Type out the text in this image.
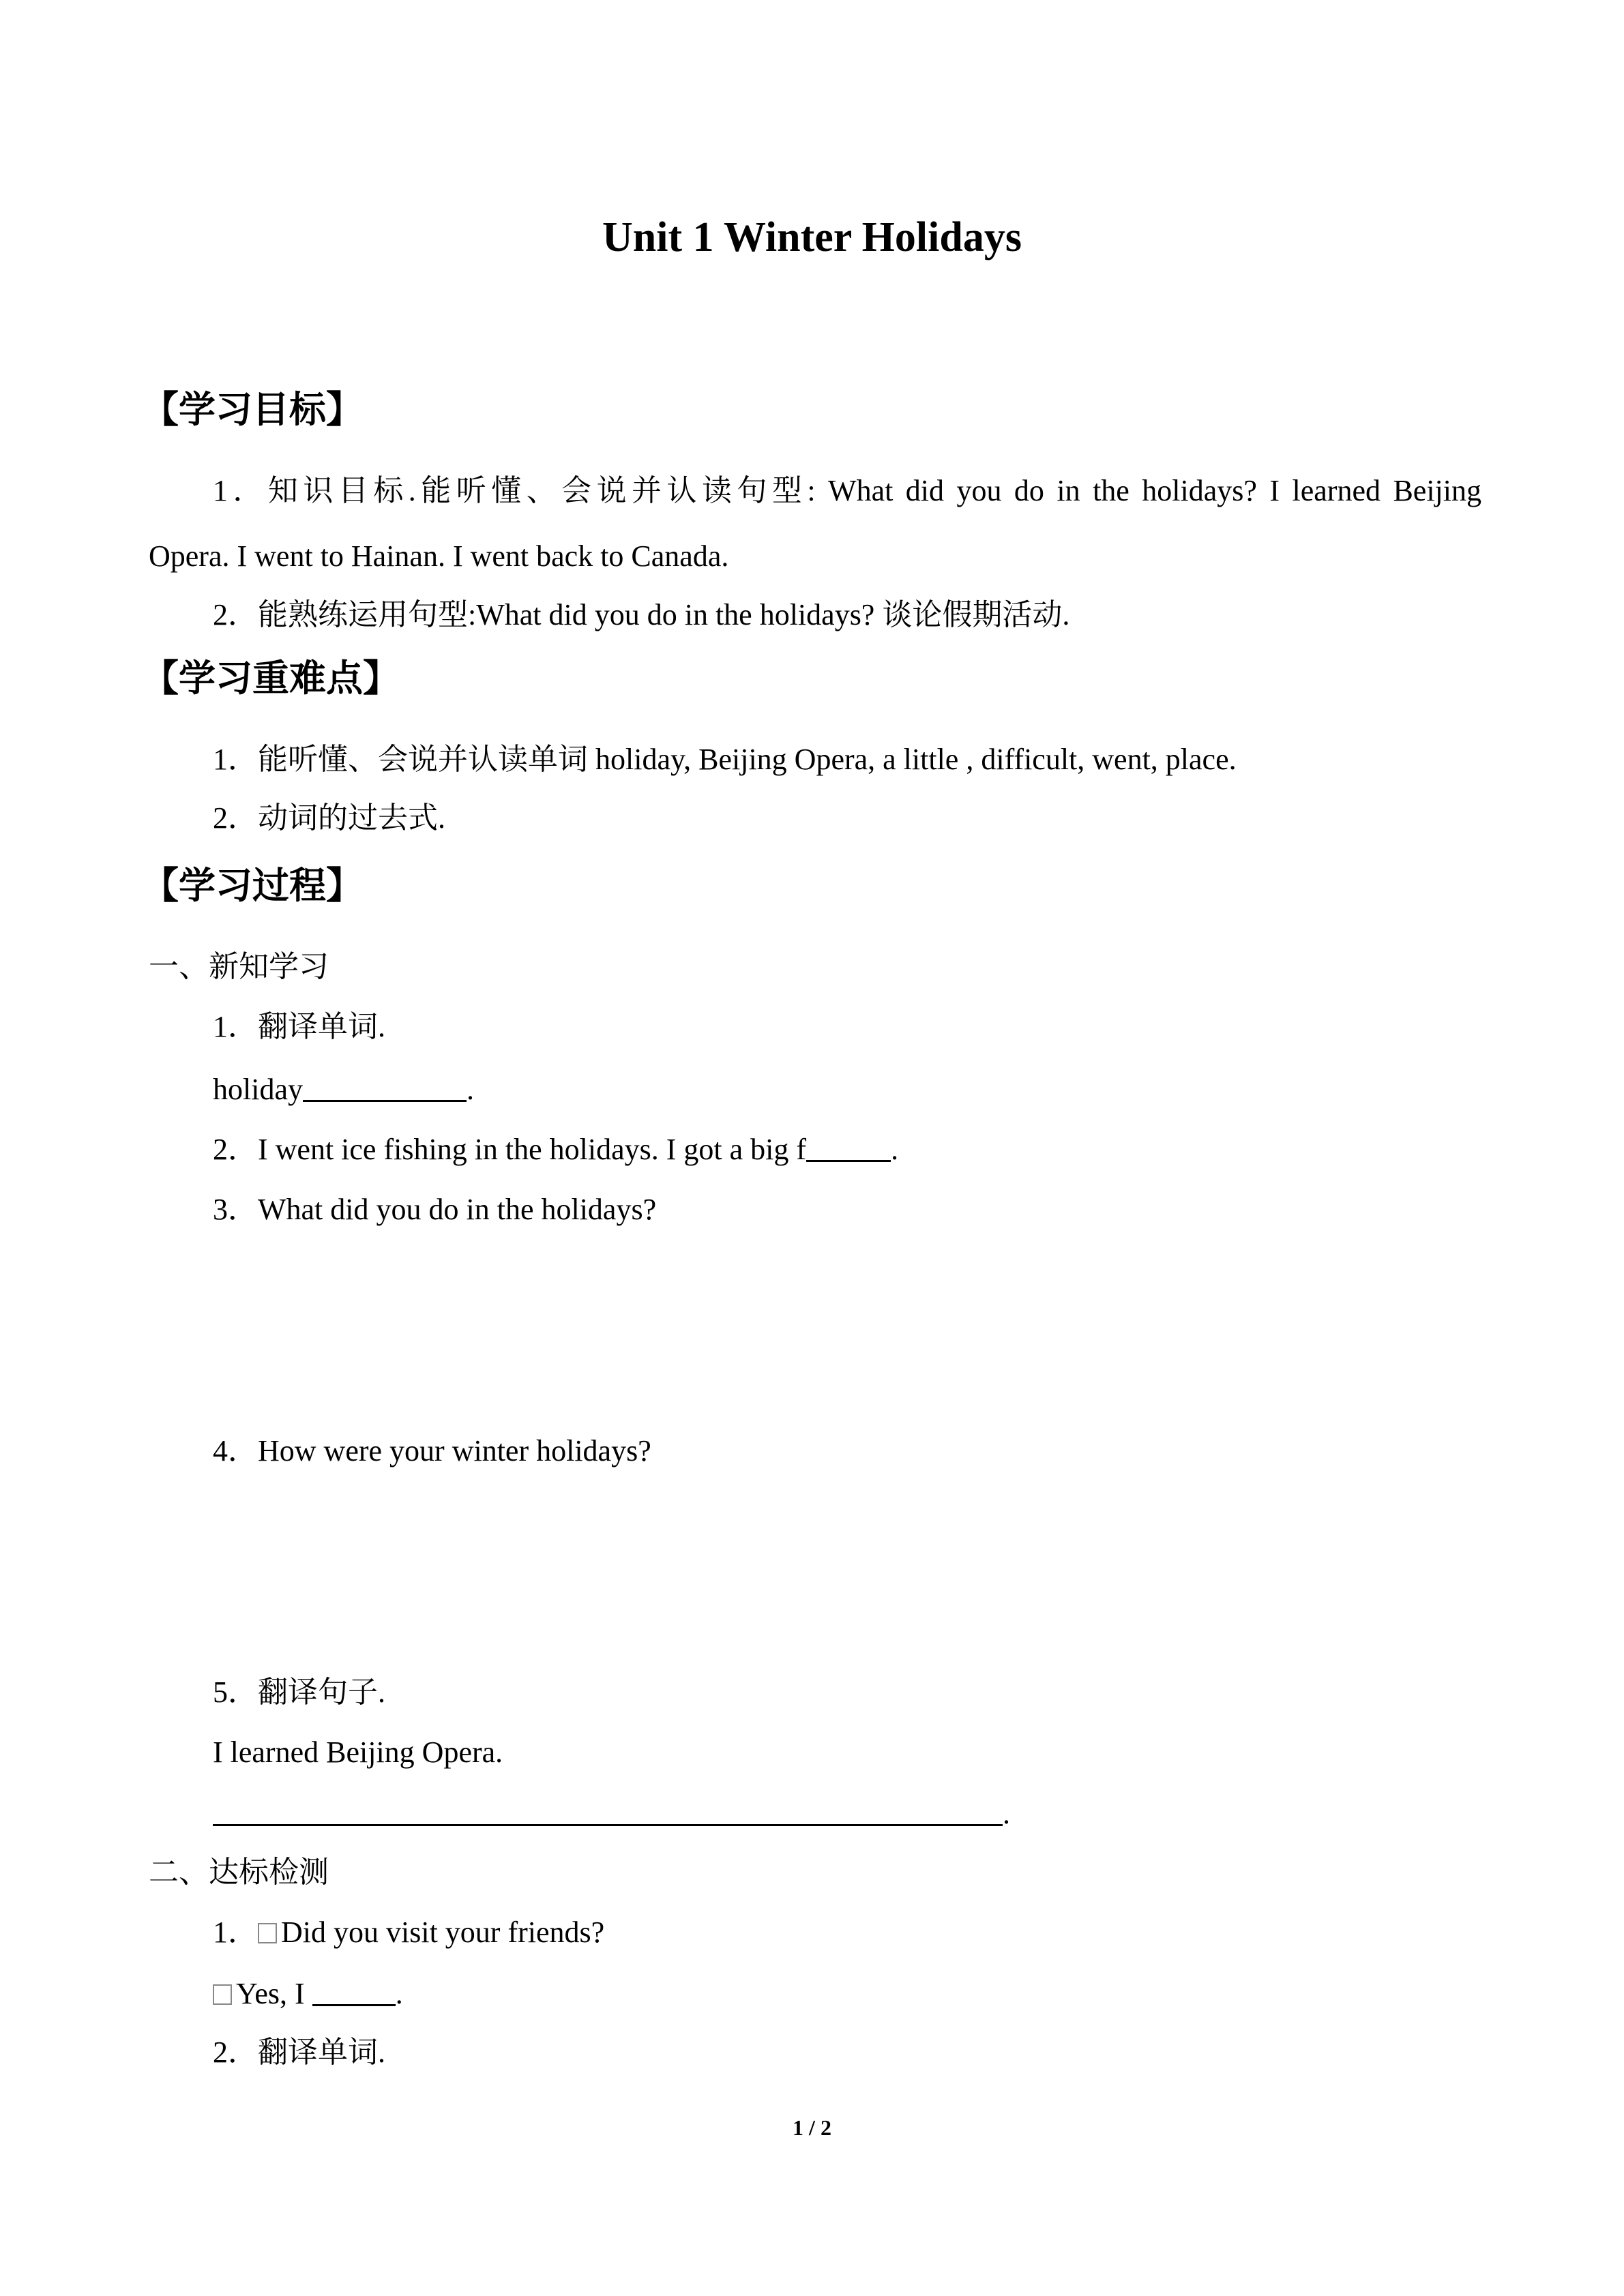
Unit 1 Winter Holidays
【学习目标】
1．知识目标.能听懂、会说并认读句型: What did you do in the holidays? I learned Beijing
Opera. I went to Hainan. I went back to Canada.
2．能熟练运用句型:What did you do in the holidays? 谈论假期活动.
【学习重难点】
1．能听懂、会说并认读单词 holiday, Beijing Opera, a little , difficult, went, place.
2．动词的过去式.
【学习过程】
一、新知学习
1．翻译单词.
holiday	.
2．I went ice fishing in the holidays. I got a big f	.
3．What did you do in the holidays?
4．How were your winter holidays?
5．翻译句子.
I learned Beijing Opera.
.
二、达标检测
1． Did you visit your friends?
Yes, I	.
2．翻译单词.
1 / 2
